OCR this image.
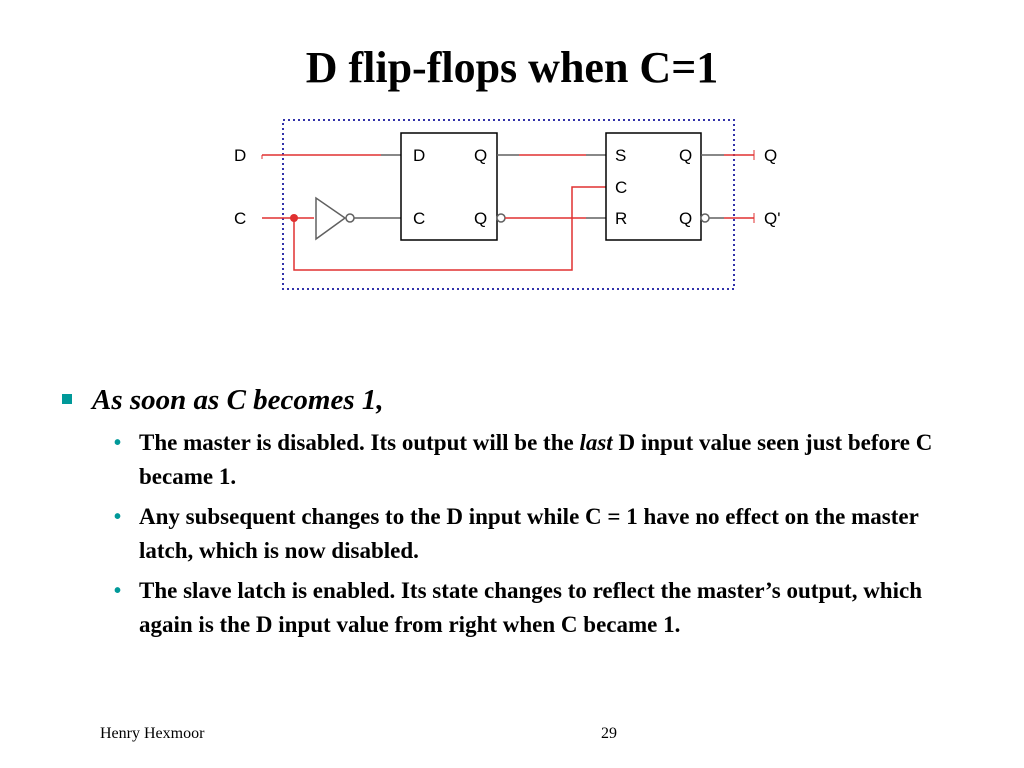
D flip-flops when C=1
D
C
Q
Q
S
C
R
Q
Q
D
C
Q
Q'
As soon as C becomes 1,
• The master is disabled. Its output will be the last D input value seen just before C became 1.
• Any subsequent changes to the D input while C = 1 have no effect on the master latch, which is now disabled.
• The slave latch is enabled. Its state changes to reflect the master’s output, which again is the D input value from right when C became 1.
Henry Hexmoor	29
